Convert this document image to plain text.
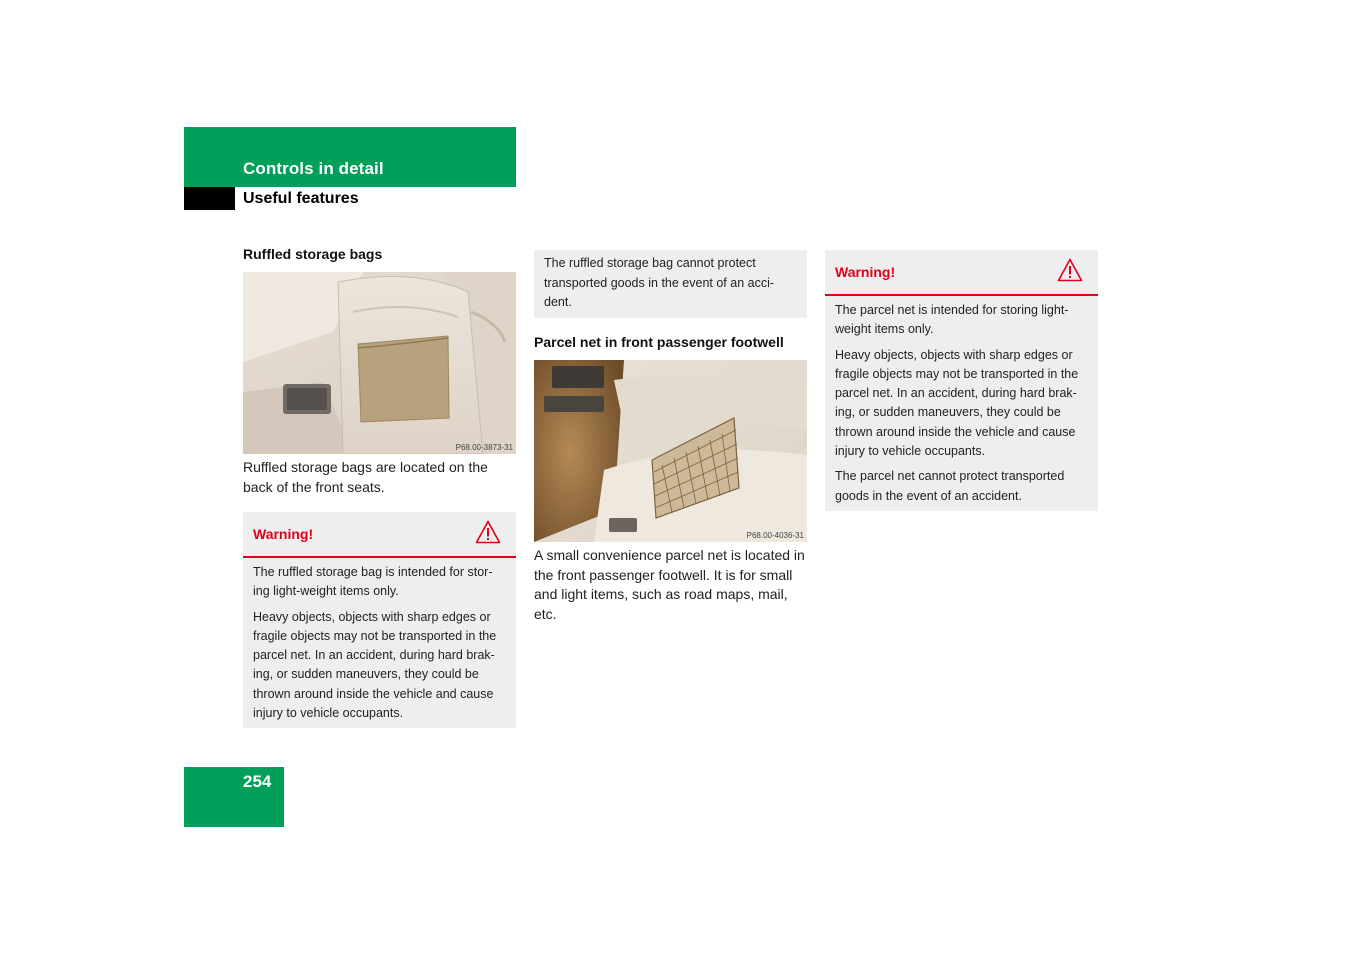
Controls in detail
Useful features
Ruffled storage bags
P68.00-3873-31
Ruffled storage bags are located on the back of the front seats.
Warning!

The ruffled storage bag is intended for stor-ing light-weight items only.

Heavy objects, objects with sharp edges or fragile objects may not be transported in the parcel net. In an accident, during hard brak-ing, or sudden maneuvers, they could be thrown around inside the vehicle and cause injury to vehicle occupants.

The ruffled storage bag cannot protect transported goods in the event of an acci-dent.
Parcel net in front passenger footwell
P68.00-4036-31
A small convenience parcel net is located in the front passenger footwell. It is for small and light items, such as road maps, mail, etc.
Warning!

The parcel net is intended for storing light-weight items only.

Heavy objects, objects with sharp edges or fragile objects may not be transported in the parcel net. In an accident, during hard brak-ing, or sudden maneuvers, they could be thrown around inside the vehicle and cause injury to vehicle occupants.

The parcel net cannot protect transported goods in the event of an accident.

254
